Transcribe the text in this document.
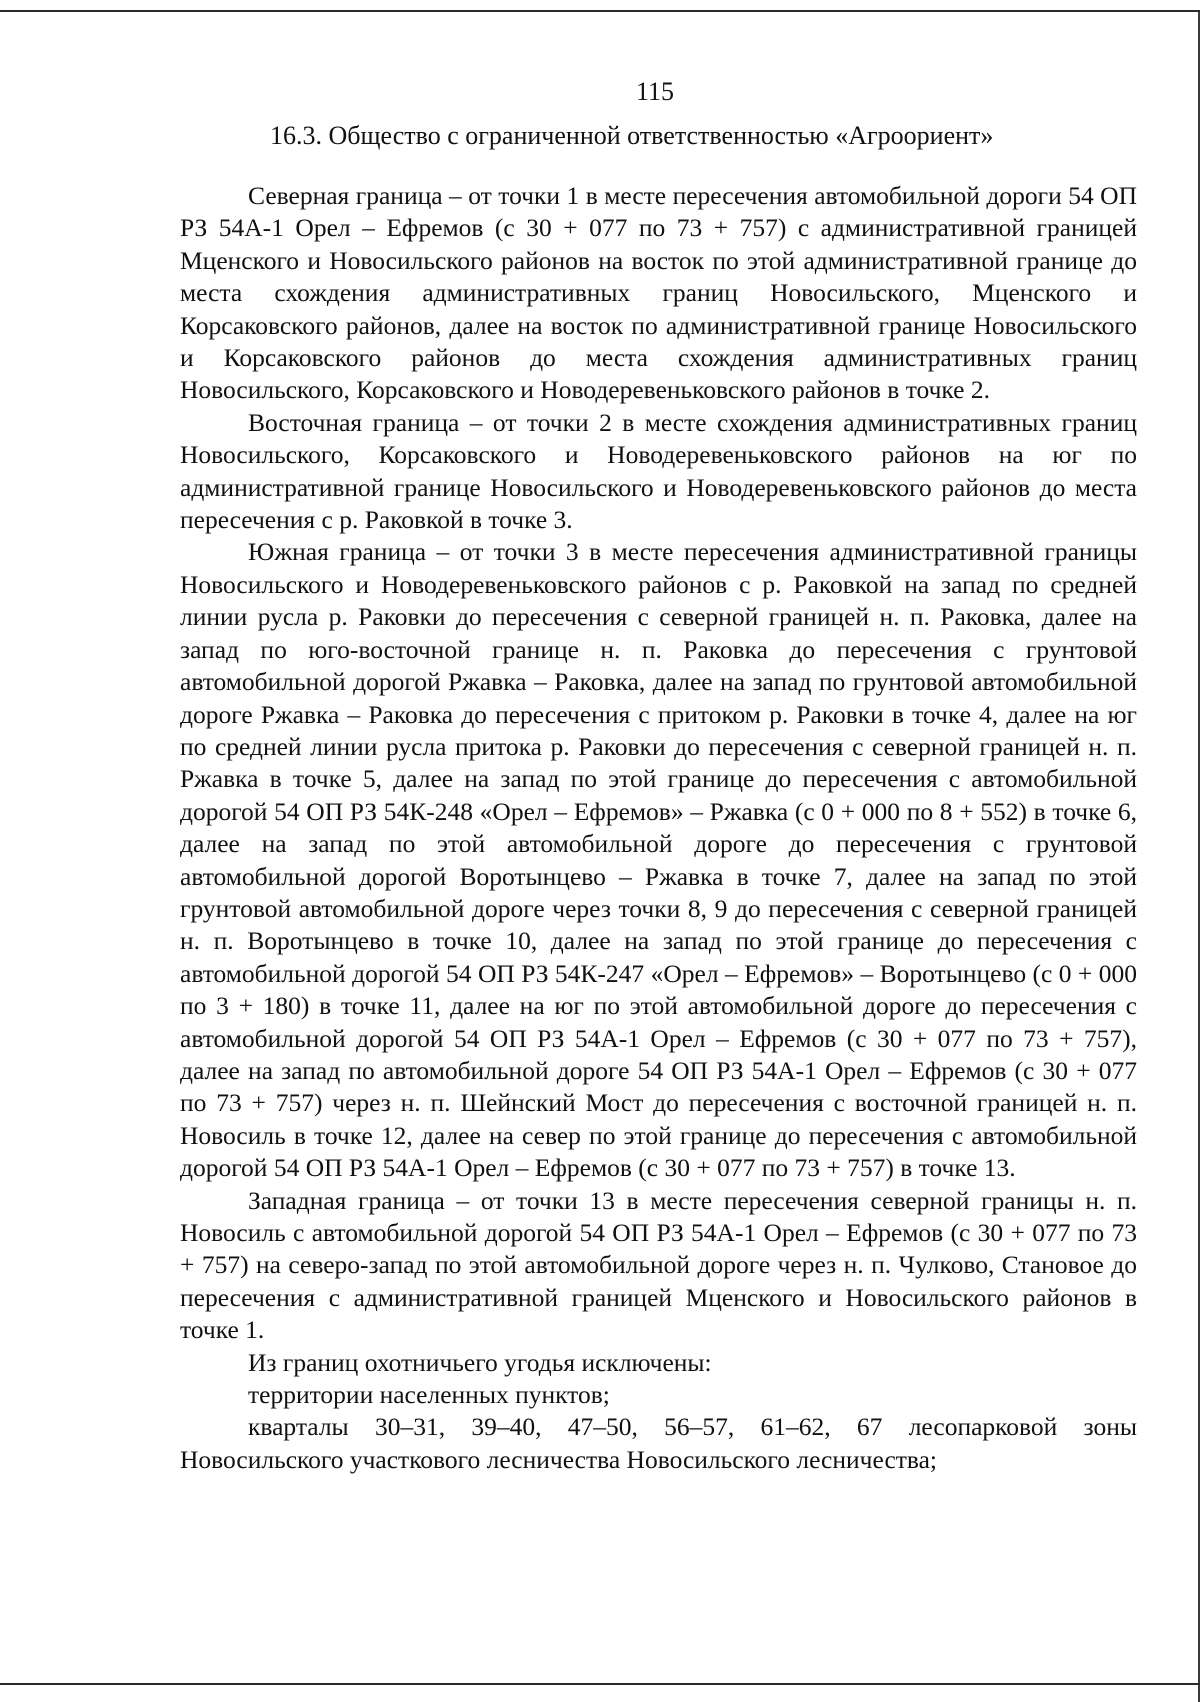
115
16.3. Общество с ограниченной ответственностью «Агроориент»

Северная граница – от точки 1 в месте пересечения автомобильной дороги 54 ОП РЗ 54А-1 Орел – Ефремов (с 30 + 077 по 73 + 757) с административной границей Мценского и Новосильского районов на восток по этой административной границе до места схождения административных границ Новосильского, Мценского и Корсаковского районов, далее на восток по административной границе Новосильского и Корсаковского районов до места схождения административных границ Новосильского, Корсаковского и Новодеревеньковского районов в точке 2.

Восточная граница – от точки 2 в месте схождения административных границ Новосильского, Корсаковского и Новодеревеньковского районов на юг по административной границе Новосильского и Новодеревеньковского районов до места пересечения с р. Раковкой в точке 3.

Южная граница – от точки 3 в месте пересечения административной границы Новосильского и Новодеревеньковского районов с р. Раковкой на запад по средней линии русла р. Раковки до пересечения с северной границей н. п. Раковка, далее на запад по юго-восточной границе н. п. Раковка до пересечения с грунтовой автомобильной дорогой Ржавка – Раковка, далее на запад по грунтовой автомобильной дороге Ржавка – Раковка до пересечения с притоком р. Раковки в точке 4, далее на юг по средней линии русла притока р. Раковки до пересечения с северной границей н. п. Ржавка в точке 5, далее на запад по этой границе до пересечения с автомобильной дорогой 54 ОП РЗ 54К-248 «Орел – Ефремов» – Ржавка (с 0 + 000 по 8 + 552) в точке 6, далее на запад по этой автомобильной дороге до пересечения с грунтовой автомобильной дорогой Воротынцево – Ржавка в точке 7, далее на запад по этой грунтовой автомобильной дороге через точки 8, 9 до пересечения с северной границей н. п. Воротынцево в точке 10, далее на запад по этой границе до пересечения с автомобильной дорогой 54 ОП РЗ 54К-247 «Орел – Ефремов» – Воротынцево (с 0 + 000 по 3 + 180) в точке 11, далее на юг по этой автомобильной дороге до пересечения с автомобильной дорогой 54 ОП РЗ 54А-1 Орел – Ефремов (с 30 + 077 по 73 + 757), далее на запад по автомобильной дороге 54 ОП РЗ 54А-1 Орел – Ефремов (с 30 + 077 по 73 + 757) через н. п. Шейнский Мост до пересечения с восточной границей н. п. Новосиль в точке 12, далее на север по этой границе до пересечения с автомобильной дорогой 54 ОП РЗ 54А-1 Орел – Ефремов (с 30 + 077 по 73 + 757) в точке 13.

Западная граница – от точки 13 в месте пересечения северной границы н. п. Новосиль с автомобильной дорогой 54 ОП РЗ 54А-1 Орел – Ефремов (с 30 + 077 по 73 + 757) на северо-запад по этой автомобильной дороге через н. п. Чулково, Становое до пересечения с административной границей Мценского и Новосильского районов в точке 1.

Из границ охотничьего угодья исключены:

территории населенных пунктов;

кварталы 30–31, 39–40, 47–50, 56–57, 61–62, 67 лесопарковой зоны Новосильского участкового лесничества Новосильского лесничества;
